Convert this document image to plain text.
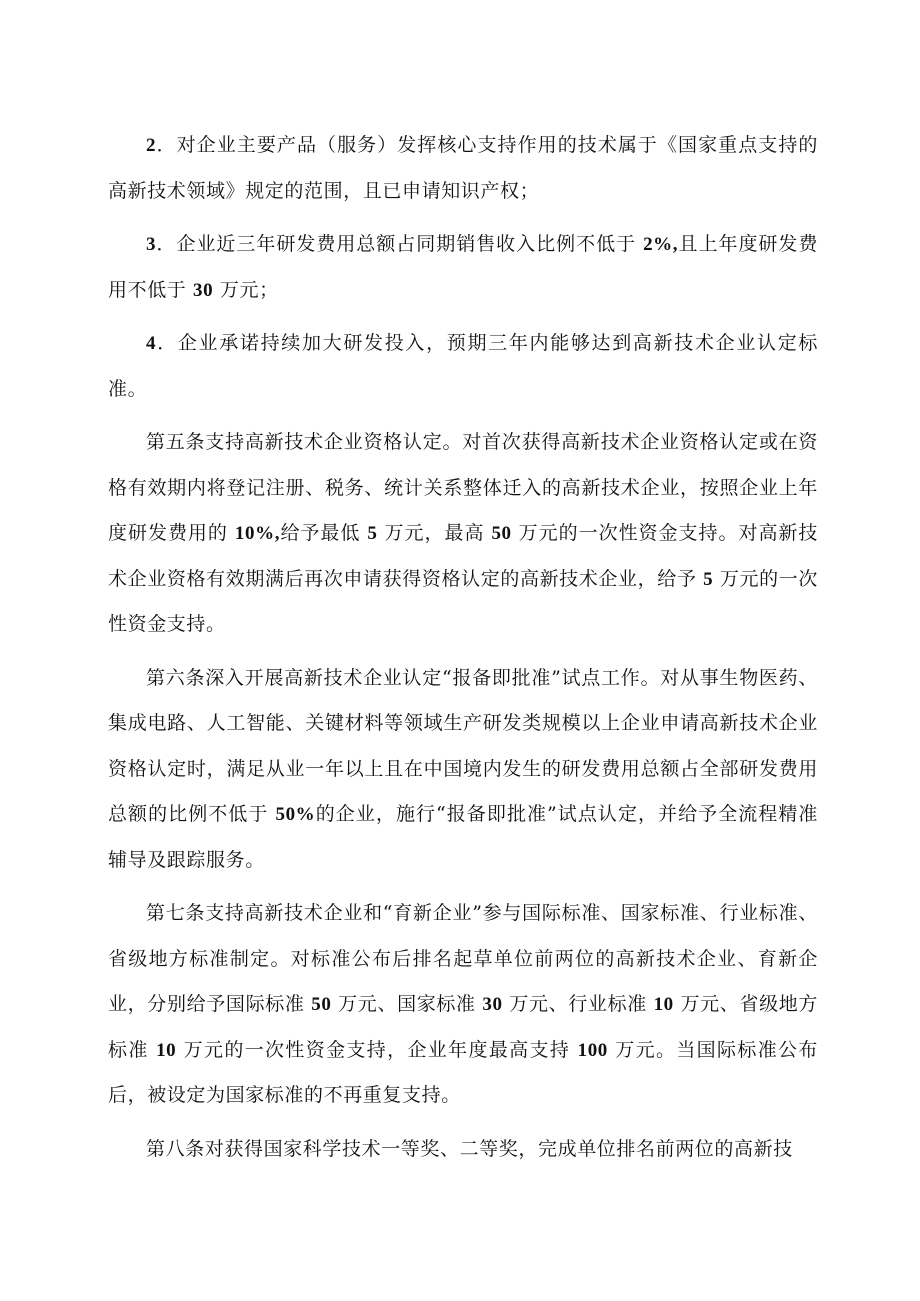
2．对企业主要产品（服务）发挥核心支持作用的技术属于《国家重点支持的高新技术领域》规定的范围，且已申请知识产权；

3．企业近三年研发费用总额占同期销售收入比例不低于 2%,且上年度研发费用不低于 30 万元；

4．企业承诺持续加大研发投入，预期三年内能够达到高新技术企业认定标准。

第五条支持高新技术企业资格认定。对首次获得高新技术企业资格认定或在资格有效期内将登记注册、税务、统计关系整体迁入的高新技术企业，按照企业上年度研发费用的 10%,给予最低 5 万元，最高 50 万元的一次性资金支持。对高新技术企业资格有效期满后再次申请获得资格认定的高新技术企业，给予 5 万元的一次性资金支持。

第六条深入开展高新技术企业认定“报备即批准”试点工作。对从事生物医药、集成电路、人工智能、关键材料等领域生产研发类规模以上企业申请高新技术企业资格认定时，满足从业一年以上且在中国境内发生的研发费用总额占全部研发费用总额的比例不低于 50%的企业，施行“报备即批准”试点认定，并给予全流程精准辅导及跟踪服务。

第七条支持高新技术企业和“育新企业”参与国际标准、国家标准、行业标准、省级地方标准制定。对标准公布后排名起草单位前两位的高新技术企业、育新企业，分别给予国际标准 50 万元、国家标准 30 万元、行业标准 10 万元、省级地方标准 10 万元的一次性资金支持，企业年度最高支持 100 万元。当国际标准公布后，被设定为国家标准的不再重复支持。

第八条对获得国家科学技术一等奖、二等奖，完成单位排名前两位的高新技
